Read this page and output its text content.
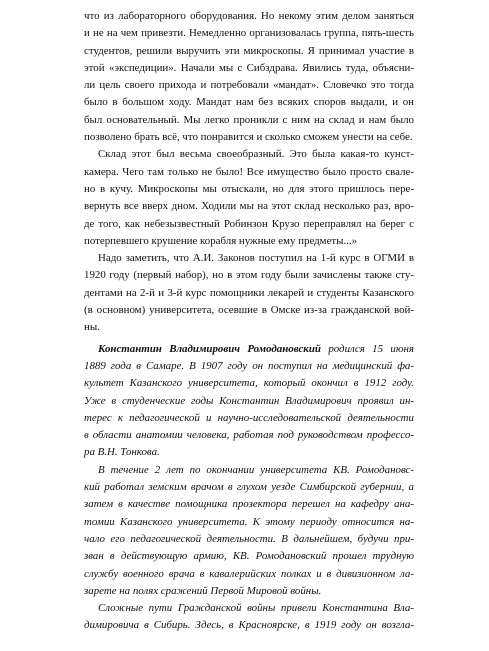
что из лабораторного оборудования. Но некому этим делом заняться
и не на чем привезти. Немедленно организовалась группа, пять-шесть
студентов, решили выручить эти микроскопы. Я принимал участие в
этой «экспедиции». Начали мы с Сибздрава. Явились туда, объясни-
ли цель своего прихода и потребовали «мандат». Словечко это тогда
было в большом ходу. Мандат нам без всяких споров выдали, и он
был основательный. Мы легко проникли с ним на склад и нам было
позволено брать всё, что понравится и сколько сможем унести на себе.
Склад этот был весьма своеобразный. Это была какая-то кунст-
камера. Чего там только не было! Все имущество было просто свале-
но в кучу. Микроскопы мы отыскали, но для этого пришлось пере-
вернуть все вверх дном. Ходили мы на этот склад несколько раз, вро-
де того, как небезызвестный Робинзон Крузо переправлял на берег с
потерпевшего крушение корабля нужные ему предметы...»
Надо заметить, что А.И. Законов поступил на 1-й курс в ОГМИ в
1920 году (первый набор), но в этом году были зачислены также сту-
дентами на 2-й и 3-й курс помощники лекарей и студенты Казанского
(в основном) университета, осевшие в Омске из-за гражданской вой-
ны.
Константин Владимирович Ромодановский родился 15 июня
1889 года в Самаре. В 1907 году он поступил на медицинский фа-
культет Казанского университета, который окончил в 1912 году.
Уже в студенческие годы Константин Владимирович проявил ин-
терес к педагогической и научно-исследовательской деятельности
в области анатомии человека, работая под руководством профессо-
ра В.Н. Тонкова.
В течение 2 лет по окончании университета КВ. Ромодановс-
кий работал земским врачом в глухом уезде Симбирской губернии, а
затем в качестве помощника прозектора перешел на кафедру ана-
томии Казанского университета. К этому периоду относится на-
чало его педагогической деятельности. В дальнейшем, будучи при-
зван в действующую армию, КВ. Ромодановский прошел трудную
службу военного врача в кавалерийских полках и в дивизионном ла-
зарете на полях сражений Первой Мировой войны.
Сложные пути Гражданской войны привели Константина Вла-
димировича в Сибирь. Здесь, в Красноярске, в 1919 году он возгла-
